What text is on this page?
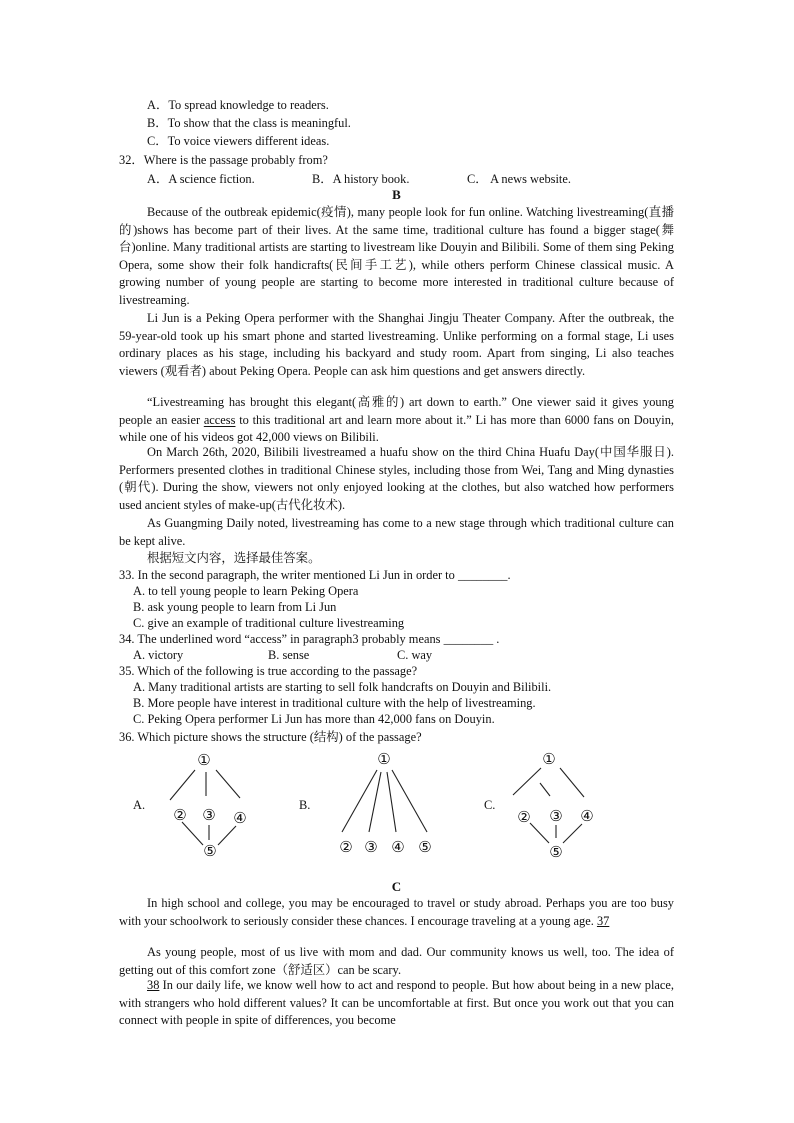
A．To spread knowledge to readers.
B．To show that the class is meaningful.
C．To voice viewers different ideas.
32．Where is the passage probably from?
A．A science fiction.	B．A history book.	C． A news website.
B
Because of the outbreak epidemic(疫情), many people look for fun online. Watching livestreaming(直播的)shows has become part of their lives. At the same time, traditional culture has found a bigger stage(舞台)online. Many traditional artists are starting to livestream like Douyin and Bilibili. Some of them sing Peking Opera, some show their folk handicrafts(民间手工艺), while others perform Chinese classical music. A growing number of young people are starting to become more interested in traditional culture because of livestreaming.
Li Jun is a Peking Opera performer with the Shanghai Jingju Theater Company. After the outbreak, the 59-year-old took up his smart phone and started livestreaming. Unlike performing on a formal stage, Li uses ordinary places as his stage, including his backyard and study room. Apart from singing, Li also teaches viewers (观看者) about Peking Opera. People can ask him questions and get answers directly.
“Livestreaming has brought this elegant(高雅的) art down to earth.” One viewer said it gives young people an easier access to this traditional art and learn more about it.” Li has more than 6000 fans on Douyin, while one of his videos got 42,000 views on Bilibili.
On March 26th, 2020, Bilibili livestreamed a huafu show on the third China Huafu Day(中国华服日). Performers presented clothes in traditional Chinese styles, including those from Wei, Tang and Ming dynasties (朝代). During the show, viewers not only enjoyed looking at the clothes, but also watched how performers used ancient styles of make-up(古代化妆术).
As Guangming Daily noted, livestreaming has come to a new stage through which traditional culture can be kept alive.
根据短文内容，选择最佳答案。
33. In the second paragraph, the writer mentioned Li Jun in order to ________.
A. to tell young people to learn Peking Opera
B. ask young people to learn from Li Jun
C. give an example of traditional culture livestreaming
34. The underlined word “access” in paragraph3 probably means ________ .
A. victory	B. sense	C. way
35. Which of the following is true according to the passage?
A. Many traditional artists are starting to sell folk handcrafts on Douyin and Bilibili.
B. More people have interest in traditional culture with the help of livestreaming.
C. Peking Opera performer Li Jun has more than 42,000 fans on Douyin.
36. Which picture shows the structure (结构) of the passage?
A.	B.	C.
①
② ③ ④
⑤
①
② ③ ④ ⑤
①
② ③ ④
⑤
C
In high school and college, you may be encouraged to travel or study abroad. Perhaps you are too busy with your schoolwork to seriously consider these chances. I encourage traveling at a young age. 37
As young people, most of us live with mom and dad. Our community knows us well, too. The idea of getting out of this comfort zone（舒适区）can be scary.
38 In our daily life, we know well how to act and respond to people. But how about being in a new place, with strangers who hold different values? It can be uncomfortable at first. But once you work out that you can connect with people in spite of differences, you become
